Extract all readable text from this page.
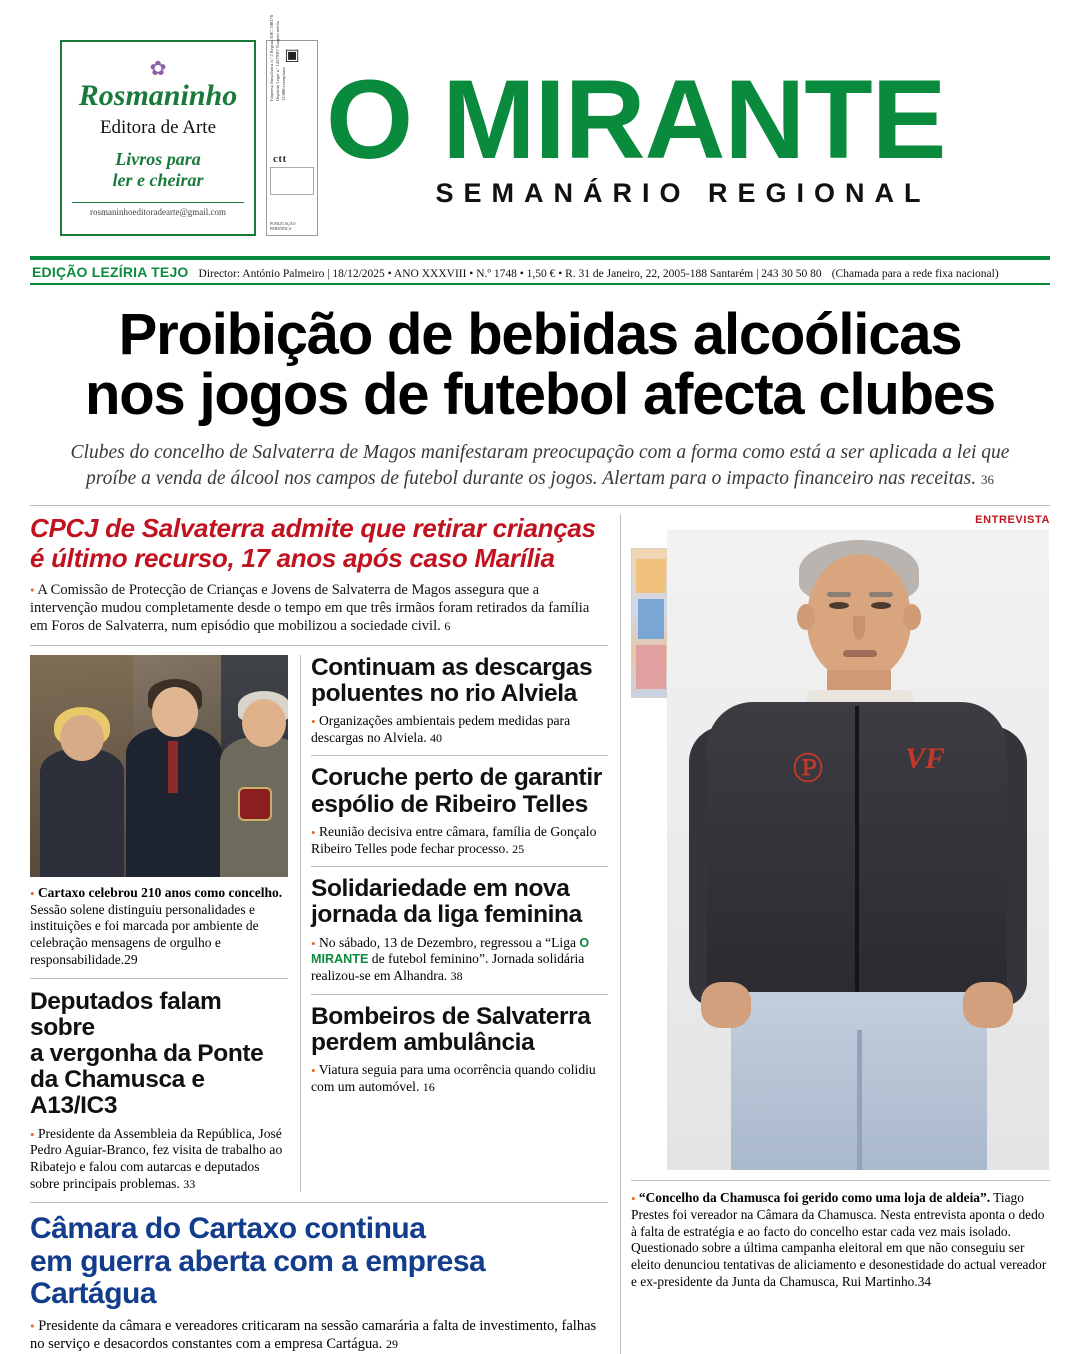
✿
Rosmaninho
Editora de Arte
Livros para
ler e cheirar
rosmaninhoeditoradearte@gmail.com
▣
Empresa Jornalística n.º 2 Registo ERC 100178 Depósito Legal n.º 14379/87 Tiragem média 12.000 exemplares
ctt
PUBLICAÇÃO PERIÓDICA
O MIRANTE
SEMANÁRIO REGIONAL
EDIÇÃO LEZÍRIA TEJO Director: António Palmeiro | 18/12/2025 • ANO XXXVIII • N.º 1748 • 1,50 € • R. 31 de Janeiro, 22, 2005-188 Santarém | 243 30 50 80 (Chamada para a rede fixa nacional)
Proibição de bebidas alcoólicas
nos jogos de futebol afecta clubes
Clubes do concelho de Salvaterra de Magos manifestaram preocupação com a forma como está a ser aplicada a lei que proíbe a venda de álcool nos campos de futebol durante os jogos. Alertam para o impacto financeiro nas receitas. 36
CPCJ de Salvaterra admite que retirar crianças
é último recurso, 17 anos após caso Marília
• A Comissão de Protecção de Crianças e Jovens de Salvaterra de Magos assegura que a intervenção mudou completamente desde o tempo em que três irmãos foram retirados da família em Foros de Salvaterra, num episódio que mobilizou a sociedade civil. 6
• Cartaxo celebrou 210 anos como concelho. Sessão solene distinguiu personalidades e instituições e foi marcada por ambiente de celebração mensagens de orgulho e responsabilidade.29
Deputados falam sobre
a vergonha da Ponte
da Chamusca e A13/IC3
• Presidente da Assembleia da República, José Pedro Aguiar-Branco, fez visita de trabalho ao Ribatejo e falou com autarcas e deputados sobre principais problemas. 33
Continuam as descargas
poluentes no rio Alviela
• Organizações ambientais pedem medidas para descargas no Alviela. 40
Coruche perto de garantir
espólio de Ribeiro Telles
• Reunião decisiva entre câmara, família de Gonçalo Ribeiro Telles pode fechar processo. 25
Solidariedade em nova
jornada da liga feminina
• No sábado, 13 de Dezembro, regressou a “Liga O MIRANTE de futebol feminino”. Jornada solidária realizou-se em Alhandra. 38
Bombeiros de Salvaterra
perdem ambulância
• Viatura seguia para uma ocorrência quando colidiu com um automóvel. 16
Câmara do Cartaxo continua
em guerra aberta com a empresa Cartágua
• Presidente da câmara e vereadores criticaram na sessão camarária a falta de investimento, falhas no serviço e desacordos constantes com a empresa Cartágua. 29
ENTREVISTA
Ⓟ	VF
• “Concelho da Chamusca foi gerido como uma loja de aldeia”. Tiago Prestes foi vereador na Câmara da Chamusca. Nesta entrevista aponta o dedo à falta de estratégia e ao facto do concelho estar cada vez mais isolado. Questionado sobre a última campanha eleitoral em que não conseguiu ser eleito denunciou tentativas de aliciamento e desonestidade do actual vereador e ex-presidente da Junta da Chamusca, Rui Martinho.34
